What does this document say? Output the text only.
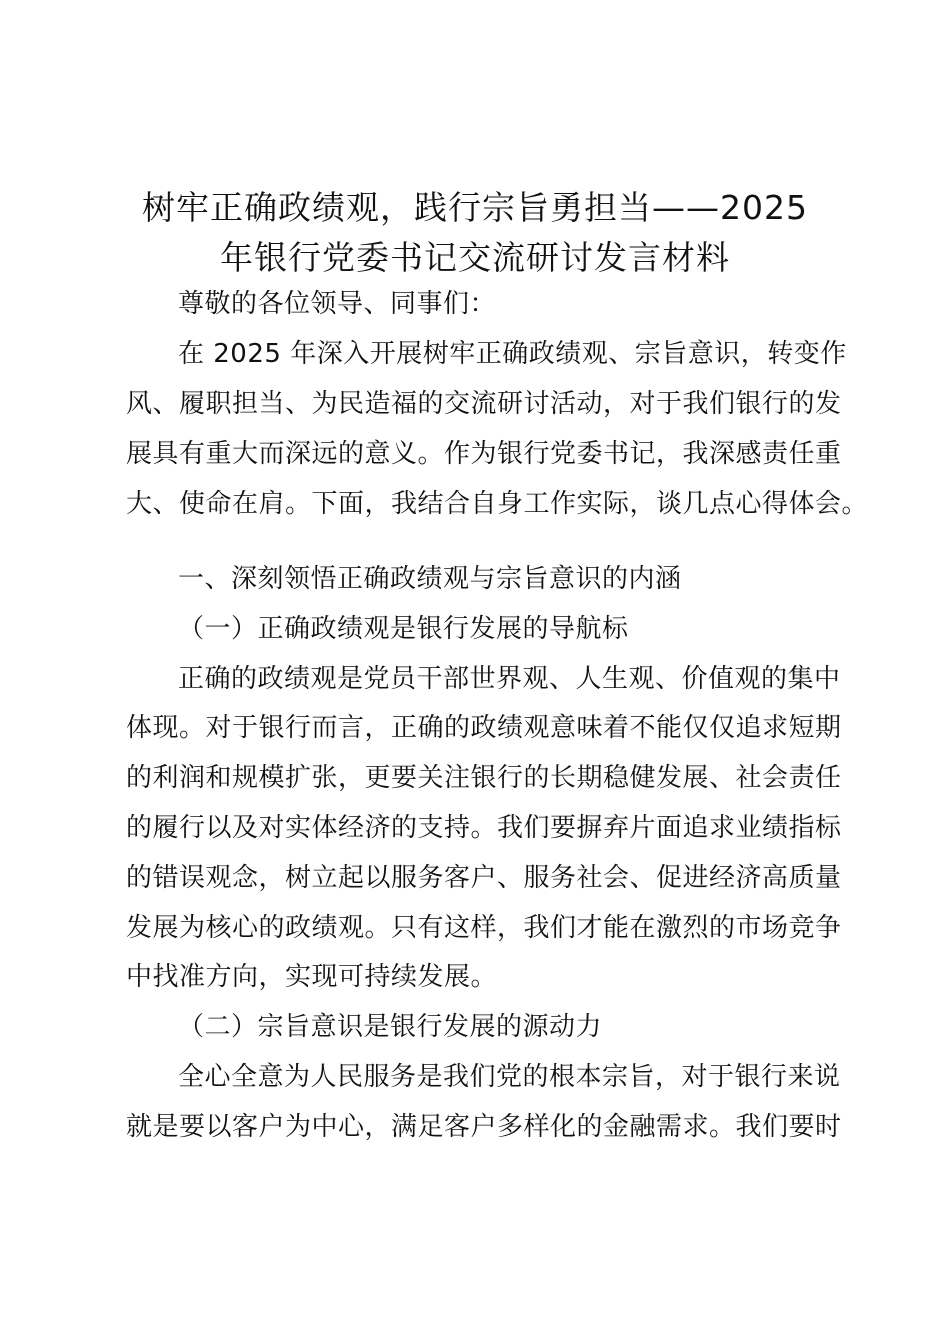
树牢正确政绩观，践行宗旨勇担当——2025
年银行党委书记交流研讨发言材料
尊敬的各位领导、同事们：
在 2025 年深入开展树牢正确政绩观、宗旨意识，转变作
风、履职担当、为民造福的交流研讨活动，对于我们银行的发
展具有重大而深远的意义。作为银行党委书记，我深感责任重
大、使命在肩。下面，我结合自身工作实际，谈几点心得体会。
一、深刻领悟正确政绩观与宗旨意识的内涵
（一）正确政绩观是银行发展的导航标
正确的政绩观是党员干部世界观、人生观、价值观的集中
体现。对于银行而言，正确的政绩观意味着不能仅仅追求短期
的利润和规模扩张，更要关注银行的长期稳健发展、社会责任
的履行以及对实体经济的支持。我们要摒弃片面追求业绩指标
的错误观念，树立起以服务客户、服务社会、促进经济高质量
发展为核心的政绩观。只有这样，我们才能在激烈的市场竞争
中找准方向，实现可持续发展。
（二）宗旨意识是银行发展的源动力
全心全意为人民服务是我们党的根本宗旨，对于银行来说
就是要以客户为中心，满足客户多样化的金融需求。我们要时
